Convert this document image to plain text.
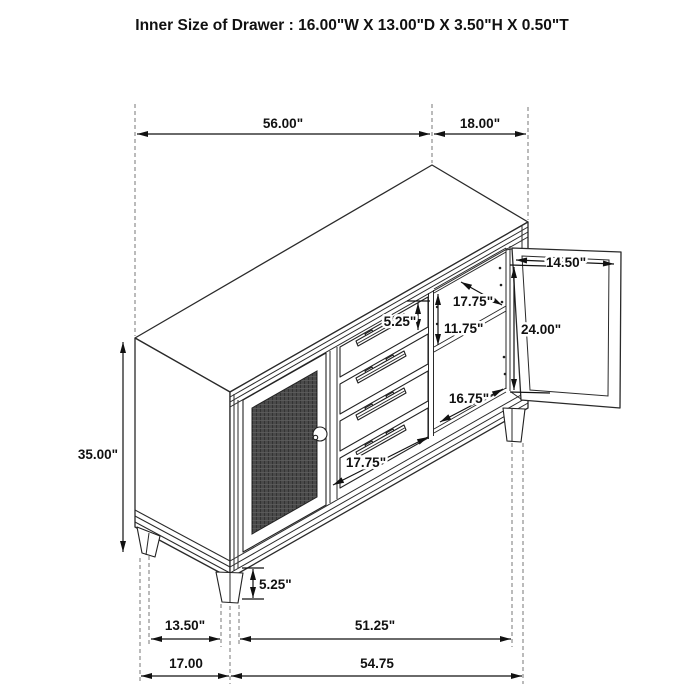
Inner Size of Drawer : 16.00"W X 13.00"D X 3.50"H X 0.50"T
56.00"	18.00"
35.00"
5.25"
13.50"	51.25"
17.00	54.75
14.50"
24.00"
17.75"
11.75"
16.75"
17.75"
5.25"
